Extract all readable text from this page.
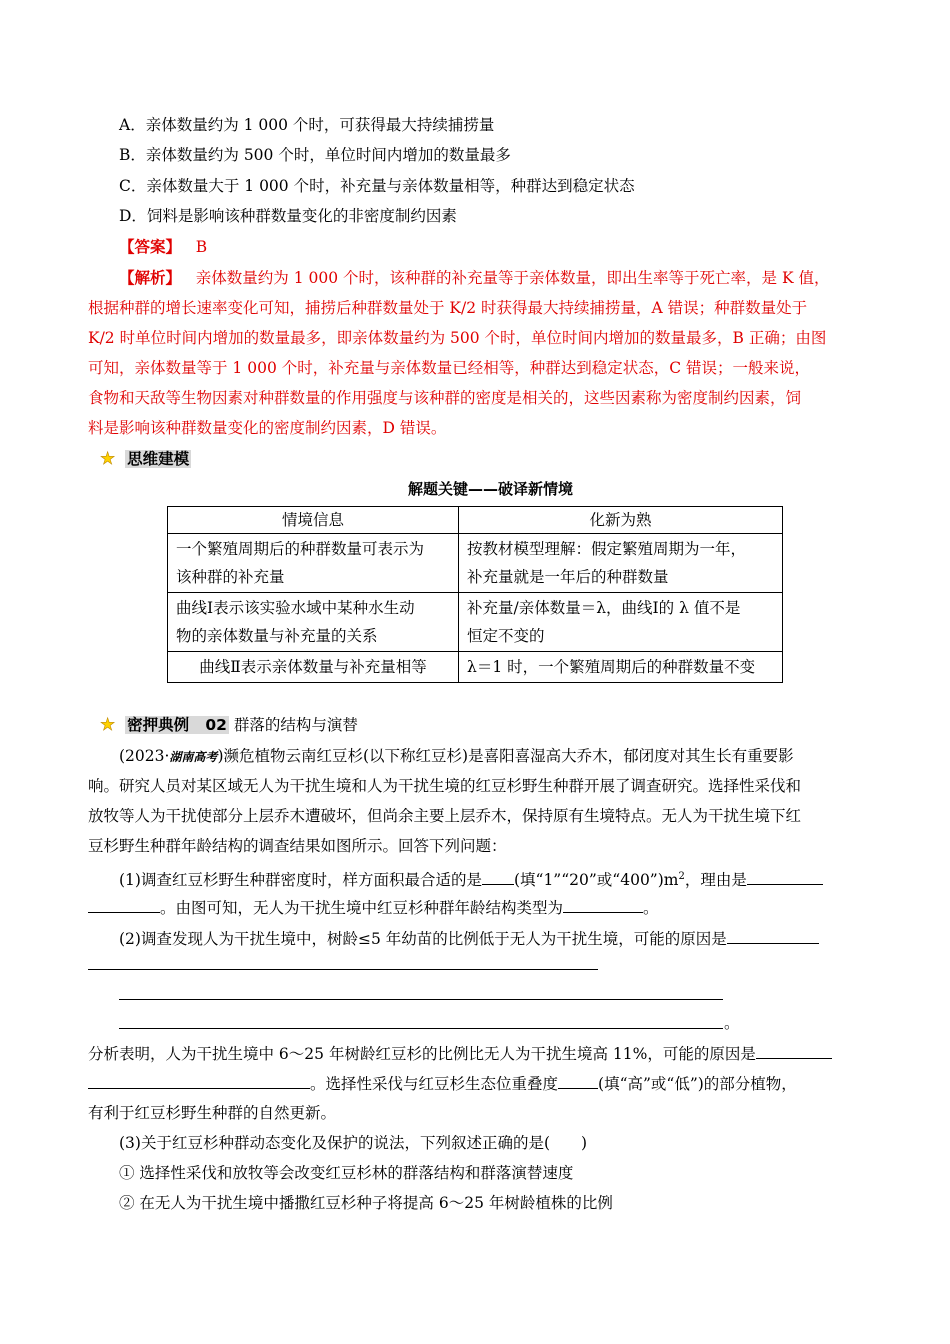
A．亲体数量约为 1 000 个时，可获得最大持续捕捞量
B．亲体数量约为 500 个时，单位时间内增加的数量最多
C．亲体数量大于 1 000 个时，补充量与亲体数量相等，种群达到稳定状态
D．饲料是影响该种群数量变化的非密度制约因素
【答案】 B
【解析】 亲体数量约为 1 000 个时，该种群的补充量等于亲体数量，即出生率等于死亡率，是 K 值，
根据种群的增长速率变化可知，捕捞后种群数量处于 K/2 时获得最大持续捕捞量，A 错误；种群数量处于
K/2 时单位时间内增加的数量最多，即亲体数量约为 500 个时，单位时间内增加的数量最多，B 正确；由图
可知，亲体数量等于 1 000 个时，补充量与亲体数量已经相等，种群达到稳定状态，C 错误；一般来说，
食物和天敌等生物因素对种群数量的作用强度与该种群的密度是相关的，这些因素称为密度制约因素，饲
料是影响该种群数量变化的密度制约因素，D 错误。
★ 思维建模
解题关键——破译新情境
情境信息	化新为熟
一个繁殖周期后的种群数量可表示为
该种群的补充量	按教材模型理解：假定繁殖周期为一年，
补充量就是一年后的种群数量
曲线Ⅰ表示该实验水域中某种水生动
物的亲体数量与补充量的关系	补充量/亲体数量＝λ，曲线Ⅰ的 λ 值不是
恒定不变的
曲线Ⅱ表示亲体数量与补充量相等	λ＝1 时，一个繁殖周期后的种群数量不变
★ 密押典例 02 群落的结构与演替
(2023·湖南高考)濒危植物云南红豆杉(以下称红豆杉)是喜阳喜湿高大乔木，郁闭度对其生长有重要影
响。研究人员对某区域无人为干扰生境和人为干扰生境的红豆杉野生种群开展了调查研究。选择性采伐和
放牧等人为干扰使部分上层乔木遭破坏，但尚余主要上层乔木，保持原有生境特点。无人为干扰生境下红
豆杉野生种群年龄结构的调查结果如图所示。回答下列问题：
(1)调查红豆杉野生种群密度时，样方面积最合适的是 (填“1”“20”或“$400”)m^2$，理由是
。由图可知，无人为干扰生境中红豆杉种群年龄结构类型为	。
(2)调查发现人为干扰生境中，树龄≤5 年幼苗的比例低于无人为干扰生境，可能的原因是
。
分析表明，人为干扰生境中 6～25 年树龄红豆杉的比例比无人为干扰生境高 11%，可能的原因是
。选择性采伐与红豆杉生态位重叠度	(填“高”或“低”)的部分植物，
有利于红豆杉野生种群的自然更新。
(3)关于红豆杉种群动态变化及保护的说法，下列叙述正确的是(　　)
① 选择性采伐和放牧等会改变红豆杉林的群落结构和群落演替速度
② 在无人为干扰生境中播撒红豆杉种子将提高 6～25 年树龄植株的比例
